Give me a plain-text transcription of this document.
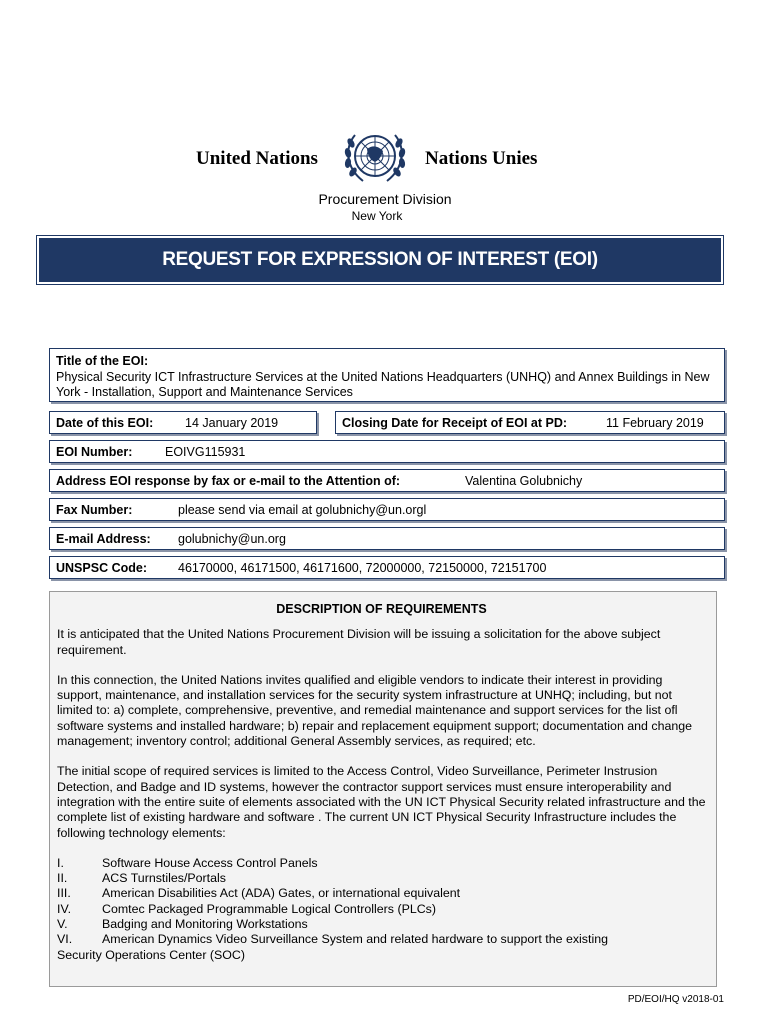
United Nations	Nations Unies
Procurement Division
New York
REQUEST FOR EXPRESSION OF INTEREST (EOI)
Title of the EOI:
Physical Security ICT Infrastructure Services at the United Nations Headquarters (UNHQ) and Annex Buildings in New York - Installation, Support and Maintenance Services
Date of this EOI:	14 January 2019	Closing Date for Receipt of EOI at PD:	11 February 2019
EOI Number:	EOIVG115931
Address EOI response by fax or e-mail to the Attention of:	Valentina Golubnichy
Fax Number:	please send via email at golubnichy@un.orgl
E-mail Address:	golubnichy@un.org
UNSPSC Code:	46170000, 46171500, 46171600, 72000000, 72150000, 72151700
DESCRIPTION OF REQUIREMENTS

It is anticipated that the United Nations Procurement Division will be issuing a solicitation for the above subject requirement.

In this connection, the United Nations invites qualified and eligible vendors to indicate their interest in providing support, maintenance, and installation services for the security system infrastructure at UNHQ; including, but not limited to: a) complete, comprehensive, preventive, and remedial maintenance and support services for the list ofl software systems and installed hardware; b) repair and replacement equipment support; documentation and change management; inventory control; additional General Assembly services, as required; etc.

The initial scope of required services is limited to the Access Control, Video Surveillance, Perimeter Instrusion Detection, and Badge and ID systems, however the contractor support services must ensure interoperability and integration with the entire suite of elements associated with the UN ICT Physical Security related infrastructure and the complete list of existing hardware and software . The current UN ICT Physical Security Infrastructure includes the following technology elements:

I.	Software House Access Control Panels
II.	ACS Turnstiles/Portals
III.	American Disabilities Act (ADA) Gates, or international equivalent
IV.	Comtec Packaged Programmable Logical Controllers (PLCs)
V.	Badging and Monitoring Workstations
VI.	American Dynamics Video Surveillance System and related hardware to support the existing
Security Operations Center (SOC)
PD/EOI/HQ v2018-01
